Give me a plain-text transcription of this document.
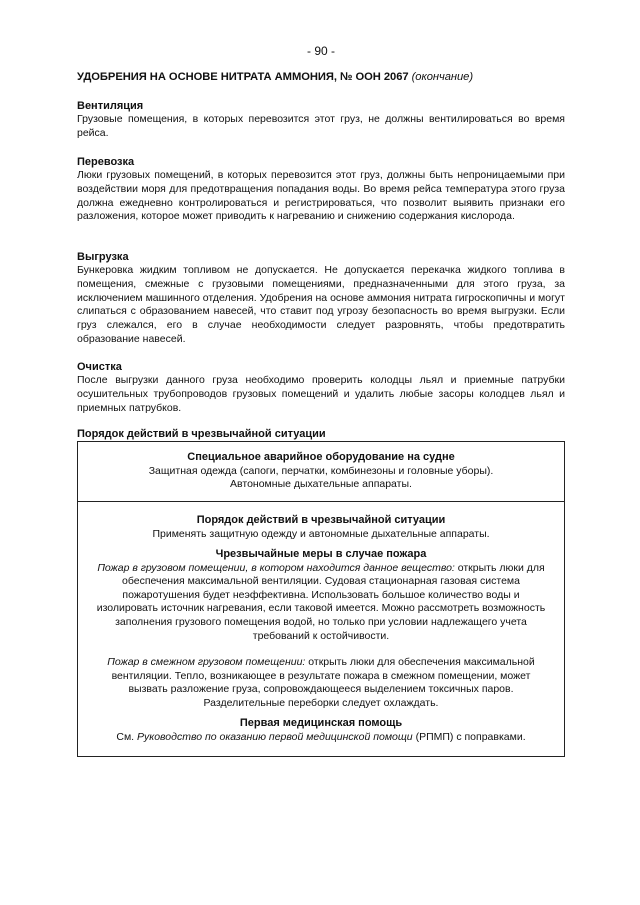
- 90 -
УДОБРЕНИЯ НА ОСНОВЕ НИТРАТА АММОНИЯ, № ООН 2067 (окончание)
Вентиляция

Грузовые помещения, в которых перевозится этот груз, не должны вентилироваться во время рейса.

Перевозка

Люки грузовых помещений, в которых перевозится этот груз, должны быть непроницаемыми при воздействии моря для предотвращения попадания воды. Во время рейса температура этого груза должна ежедневно контролироваться и регистрироваться, что позволит выявить признаки его разложения, которое может приводить к нагреванию и снижению содержания кислорода.

Выгрузка

Бункеровка жидким топливом не допускается. Не допускается перекачка жидкого топлива в помещения, смежные с грузовыми помещениями, предназначенными для этого груза, за исключением машинного отделения. Удобрения на основе аммония нитрата гигроскопичны и могут слипаться с образованием навесей, что ставит под угрозу безопасность во время выгрузки. Если груз слежался, его в случае необходимости следует разровнять, чтобы предотвратить образование навесей.

Очистка

После выгрузки данного груза необходимо проверить колодцы льял и приемные патрубки осушительных трубопроводов грузовых помещений и удалить любые засоры колодцев льял и приемных патрубков.

Порядок действий в чрезвычайной ситуации
Специальное аварийное оборудование на судне
Защитная одежда (сапоги, перчатки, комбинезоны и головные уборы).
Автономные дыхательные аппараты.
Порядок действий в чрезвычайной ситуации
Применять защитную одежду и автономные дыхательные аппараты.
Чрезвычайные меры в случае пожара
Пожар в грузовом помещении, в котором находится данное вещество: открыть люки для обеспечения максимальной вентиляции. Судовая стационарная газовая система пожаротушения будет неэффективна. Использовать большое количество воды и изолировать источник нагревания, если таковой имеется. Можно рассмотреть возможность заполнения грузового помещения водой, но только при условии надлежащего учета требований к остойчивости.
Пожар в смежном грузовом помещении: открыть люки для обеспечения максимальной вентиляции. Тепло, возникающее в результате пожара в смежном помещении, может вызвать разложение груза, сопровождающееся выделением токсичных паров. Разделительные переборки следует охлаждать.
Первая медицинская помощь
См. Руководство по оказанию первой медицинской помощи (РПМП) с поправками.
